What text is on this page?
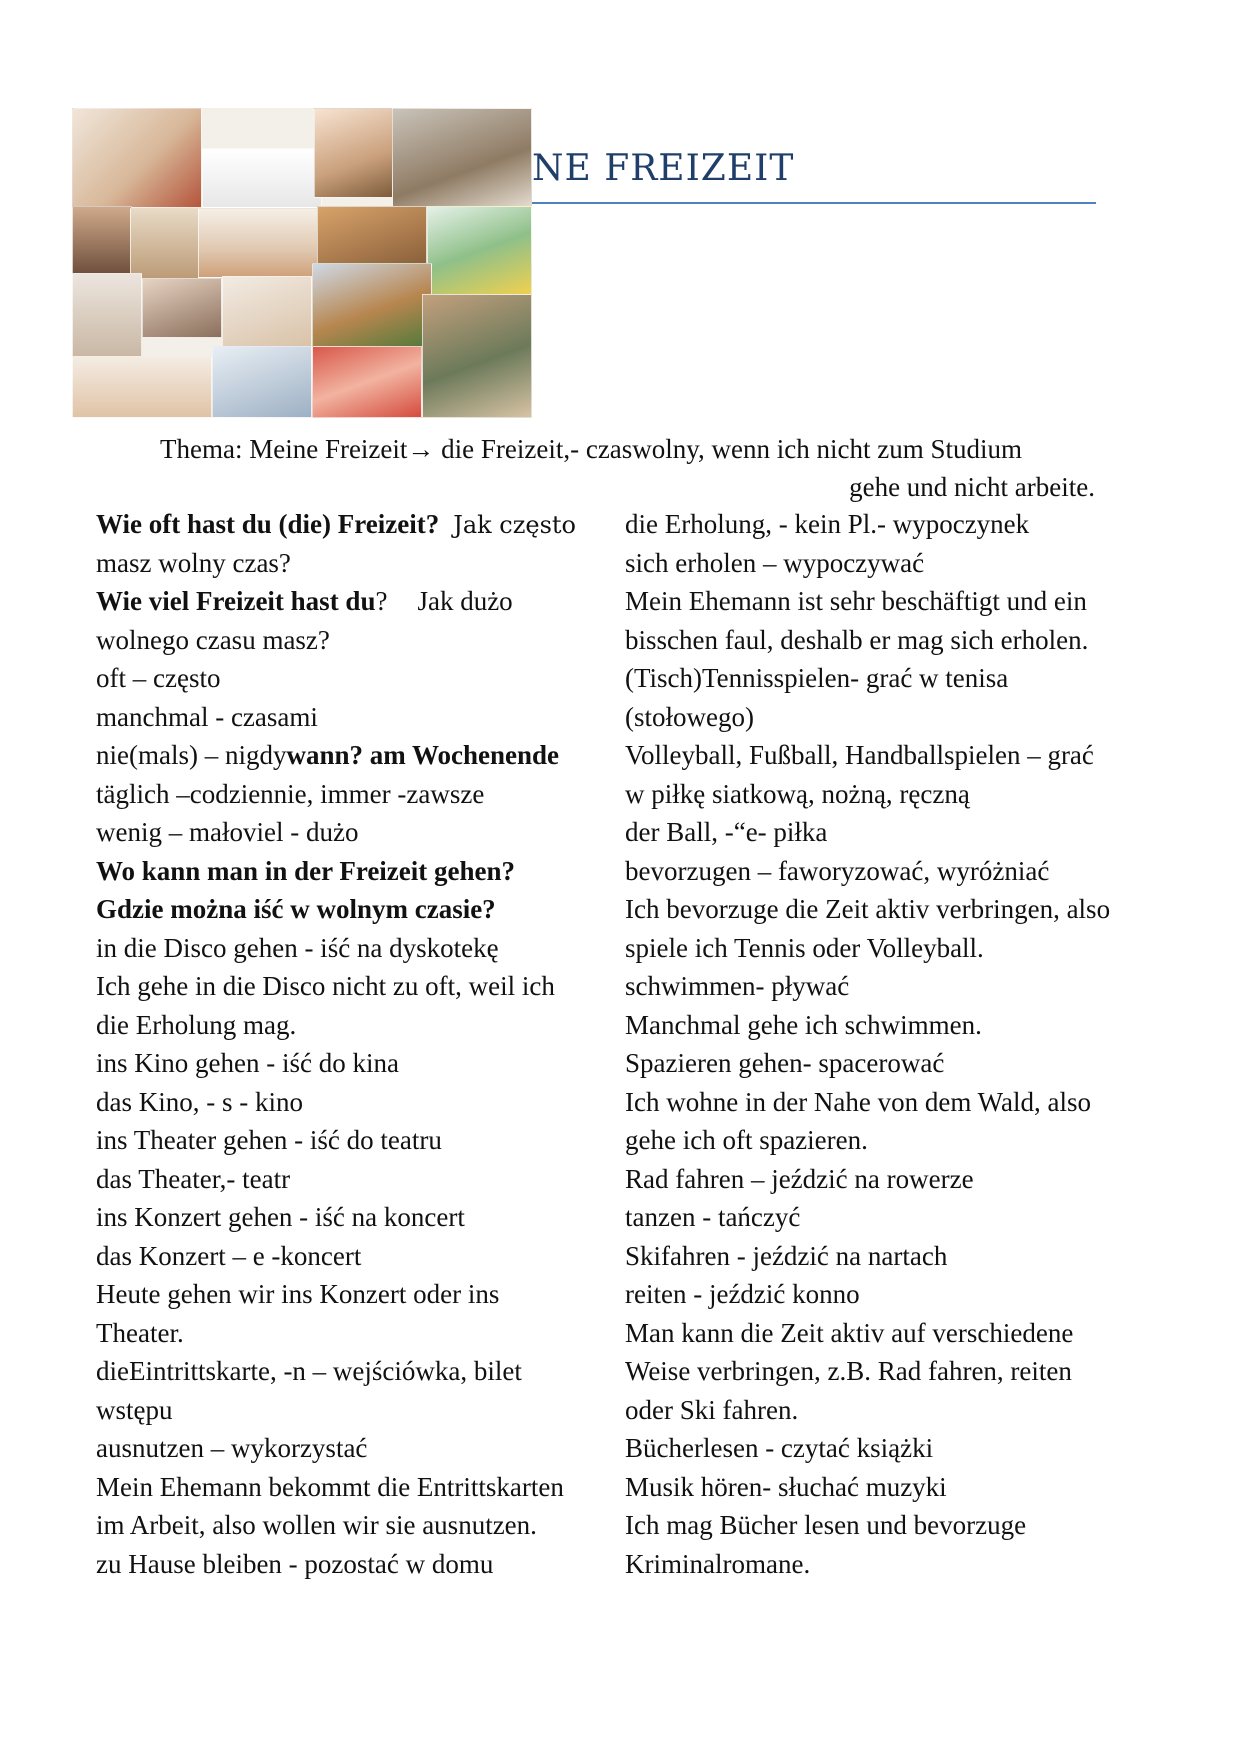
NE FREIZEIT
Thema: Meine Freizeit→ die Freizeit,- czaswolny, wenn ich nicht zum Studium
gehe und nicht arbeite.
Wie oft hast du (die) Freizeit? Jak często
masz wolny czas?
Wie viel Freizeit hast du? Jak dużo
wolnego czasu masz?
oft – często
manchmal - czasami
nie(mals) – nigdywann? am Wochenende
täglich –codziennie, immer -zawsze
wenig – małoviel - dużo
Wo kann man in der Freizeit gehen?
Gdzie można iść w wolnym czasie?
in die Disco gehen - iść na dyskotekę
Ich gehe in die Disco nicht zu oft, weil ich
die Erholung mag.
ins Kino gehen - iść do kina
das Kino, - s - kino
ins Theater gehen - iść do teatru
das Theater,- teatr
ins Konzert gehen - iść na koncert
das Konzert – e -koncert
Heute gehen wir ins Konzert oder ins
Theater.
dieEintrittskarte, -n – wejściówka, bilet
wstępu
ausnutzen – wykorzystać
Mein Ehemann bekommt die Entrittskarten
im Arbeit, also wollen wir sie ausnutzen.
zu Hause bleiben - pozostać w domu
die Erholung, - kein Pl.- wypoczynek
sich erholen – wypoczywać
Mein Ehemann ist sehr beschäftigt und ein
bisschen faul, deshalb er mag sich erholen.
(Tisch)Tennisspielen- grać w tenisa
(stołowego)
Volleyball, Fußball, Handballspielen – grać
w piłkę siatkową, nożną, ręczną
der Ball, -“e- piłka
bevorzugen – faworyzować, wyróżniać
Ich bevorzuge die Zeit aktiv verbringen, also
spiele ich Tennis oder Volleyball.
schwimmen- pływać
Manchmal gehe ich schwimmen.
Spazieren gehen- spacerować
Ich wohne in der Nahe von dem Wald, also
gehe ich oft spazieren.
Rad fahren – jeździć na rowerze
tanzen - tańczyć
Skifahren - jeździć na nartach
reiten - jeździć konno
Man kann die Zeit aktiv auf verschiedene
Weise verbringen, z.B. Rad fahren, reiten
oder Ski fahren.
Bücherlesen - czytać książki
Musik hören- słuchać muzyki
Ich mag Bücher lesen und bevorzuge
Kriminalromane.
